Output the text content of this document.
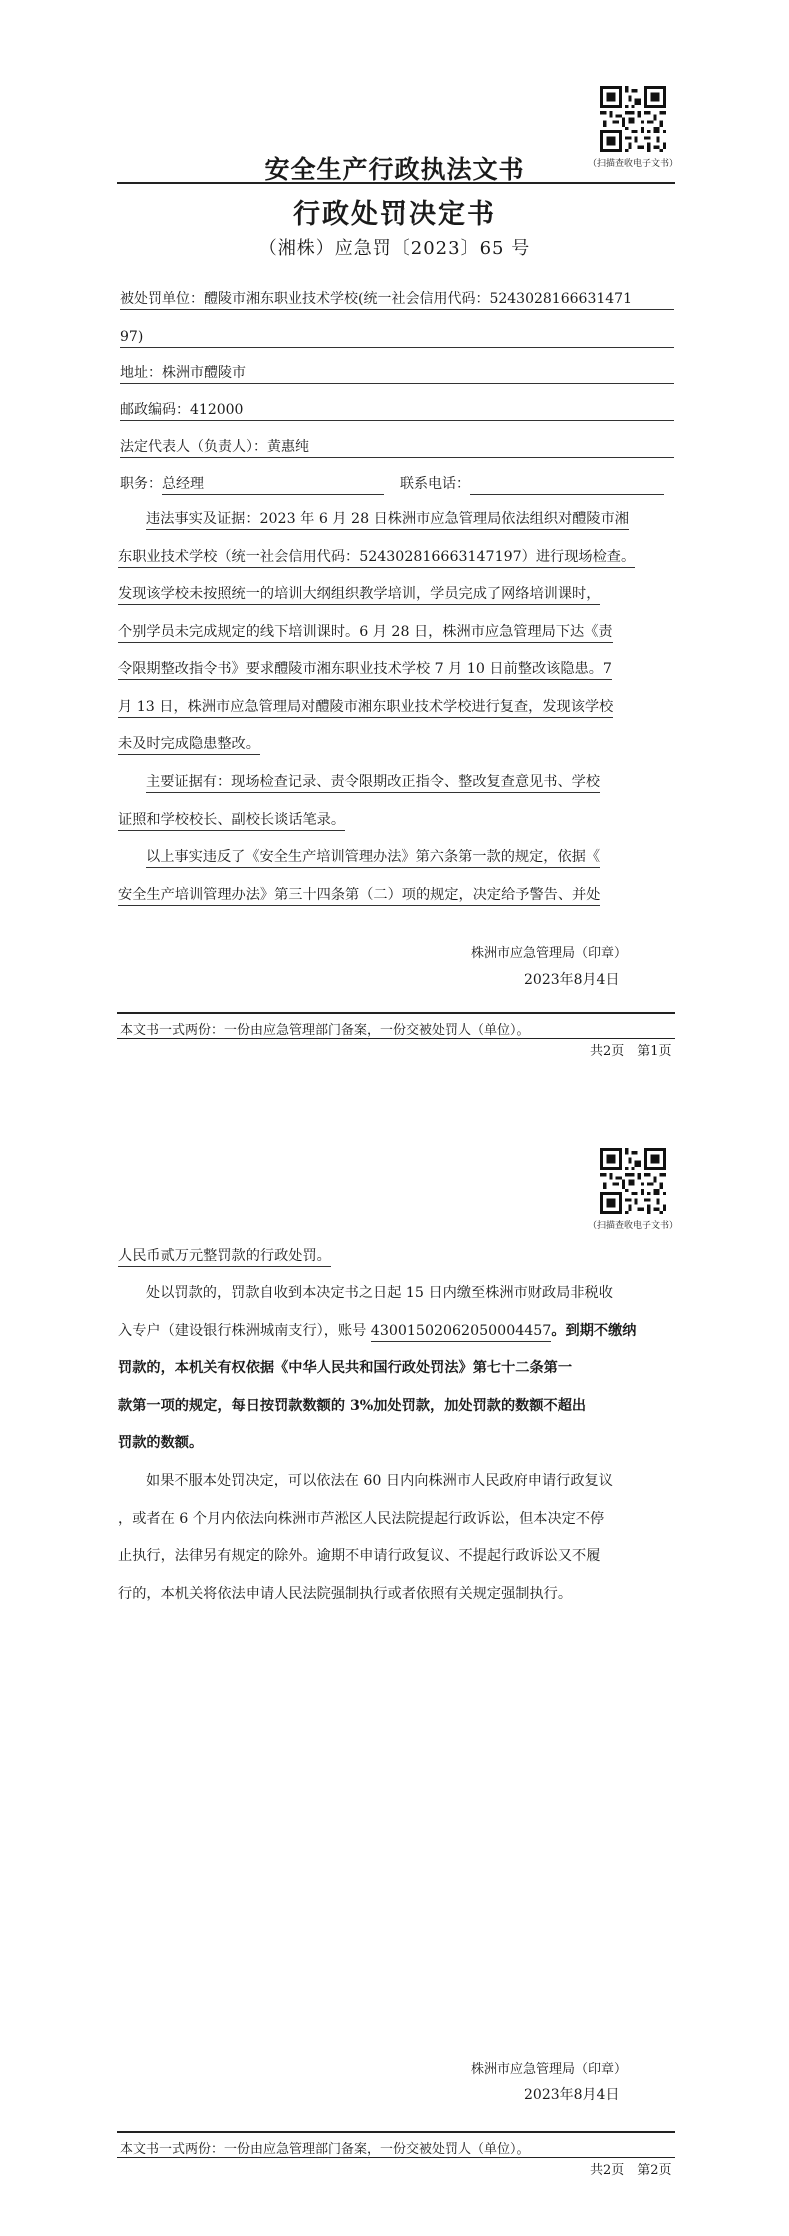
（扫描查收电子文书）
安全生产行政执法文书
行政处罚决定书
（湘株）应急罚〔2023〕65 号
被处罚单位：醴陵市湘东职业技术学校(统一社会信用代码：5243028166631471
97)
地址：株洲市醴陵市
邮政编码：412000
法定代表人（负责人）：黄惠纯
职务：总经理	联系电话：
违法事实及证据：2023 年 6 月 28 日株洲市应急管理局依法组织对醴陵市湘
东职业技术学校（统一社会信用代码：524302816663147197）进行现场检查。
发现该学校未按照统一的培训大纲组织教学培训，学员完成了网络培训课时，
个别学员未完成规定的线下培训课时。6 月 28 日，株洲市应急管理局下达《责
令限期整改指令书》要求醴陵市湘东职业技术学校 7 月 10 日前整改该隐患。7
月 13 日，株洲市应急管理局对醴陵市湘东职业技术学校进行复查，发现该学校
未及时完成隐患整改。
主要证据有：现场检查记录、责令限期改正指令、整改复查意见书、学校
证照和学校校长、副校长谈话笔录。
以上事实违反了《安全生产培训管理办法》第六条第一款的规定，依据《
安全生产培训管理办法》第三十四条第（二）项的规定，决定给予警告、并处
株洲市应急管理局（印章）
2023年8月4日
本文书一式两份：一份由应急管理部门备案，一份交被处罚人（单位）。
共2页　第1页
（扫描查收电子文书）
人民币贰万元整罚款的行政处罚。
处以罚款的，罚款自收到本决定书之日起 15 日内缴至株洲市财政局非税收
入专户（建设银行株洲城南支行），账号 43001502062050004457。到期不缴纳
罚款的，本机关有权依据《中华人民共和国行政处罚法》第七十二条第一
款第一项的规定，每日按罚款数额的 3%加处罚款，加处罚款的数额不超出
罚款的数额。
如果不服本处罚决定，可以依法在 60 日内向株洲市人民政府申请行政复议
，或者在 6 个月内依法向株洲市芦淞区人民法院提起行政诉讼，但本决定不停
止执行，法律另有规定的除外。逾期不申请行政复议、不提起行政诉讼又不履
行的，本机关将依法申请人民法院强制执行或者依照有关规定强制执行。
株洲市应急管理局（印章）
2023年8月4日
本文书一式两份：一份由应急管理部门备案，一份交被处罚人（单位）。
共2页　第2页
